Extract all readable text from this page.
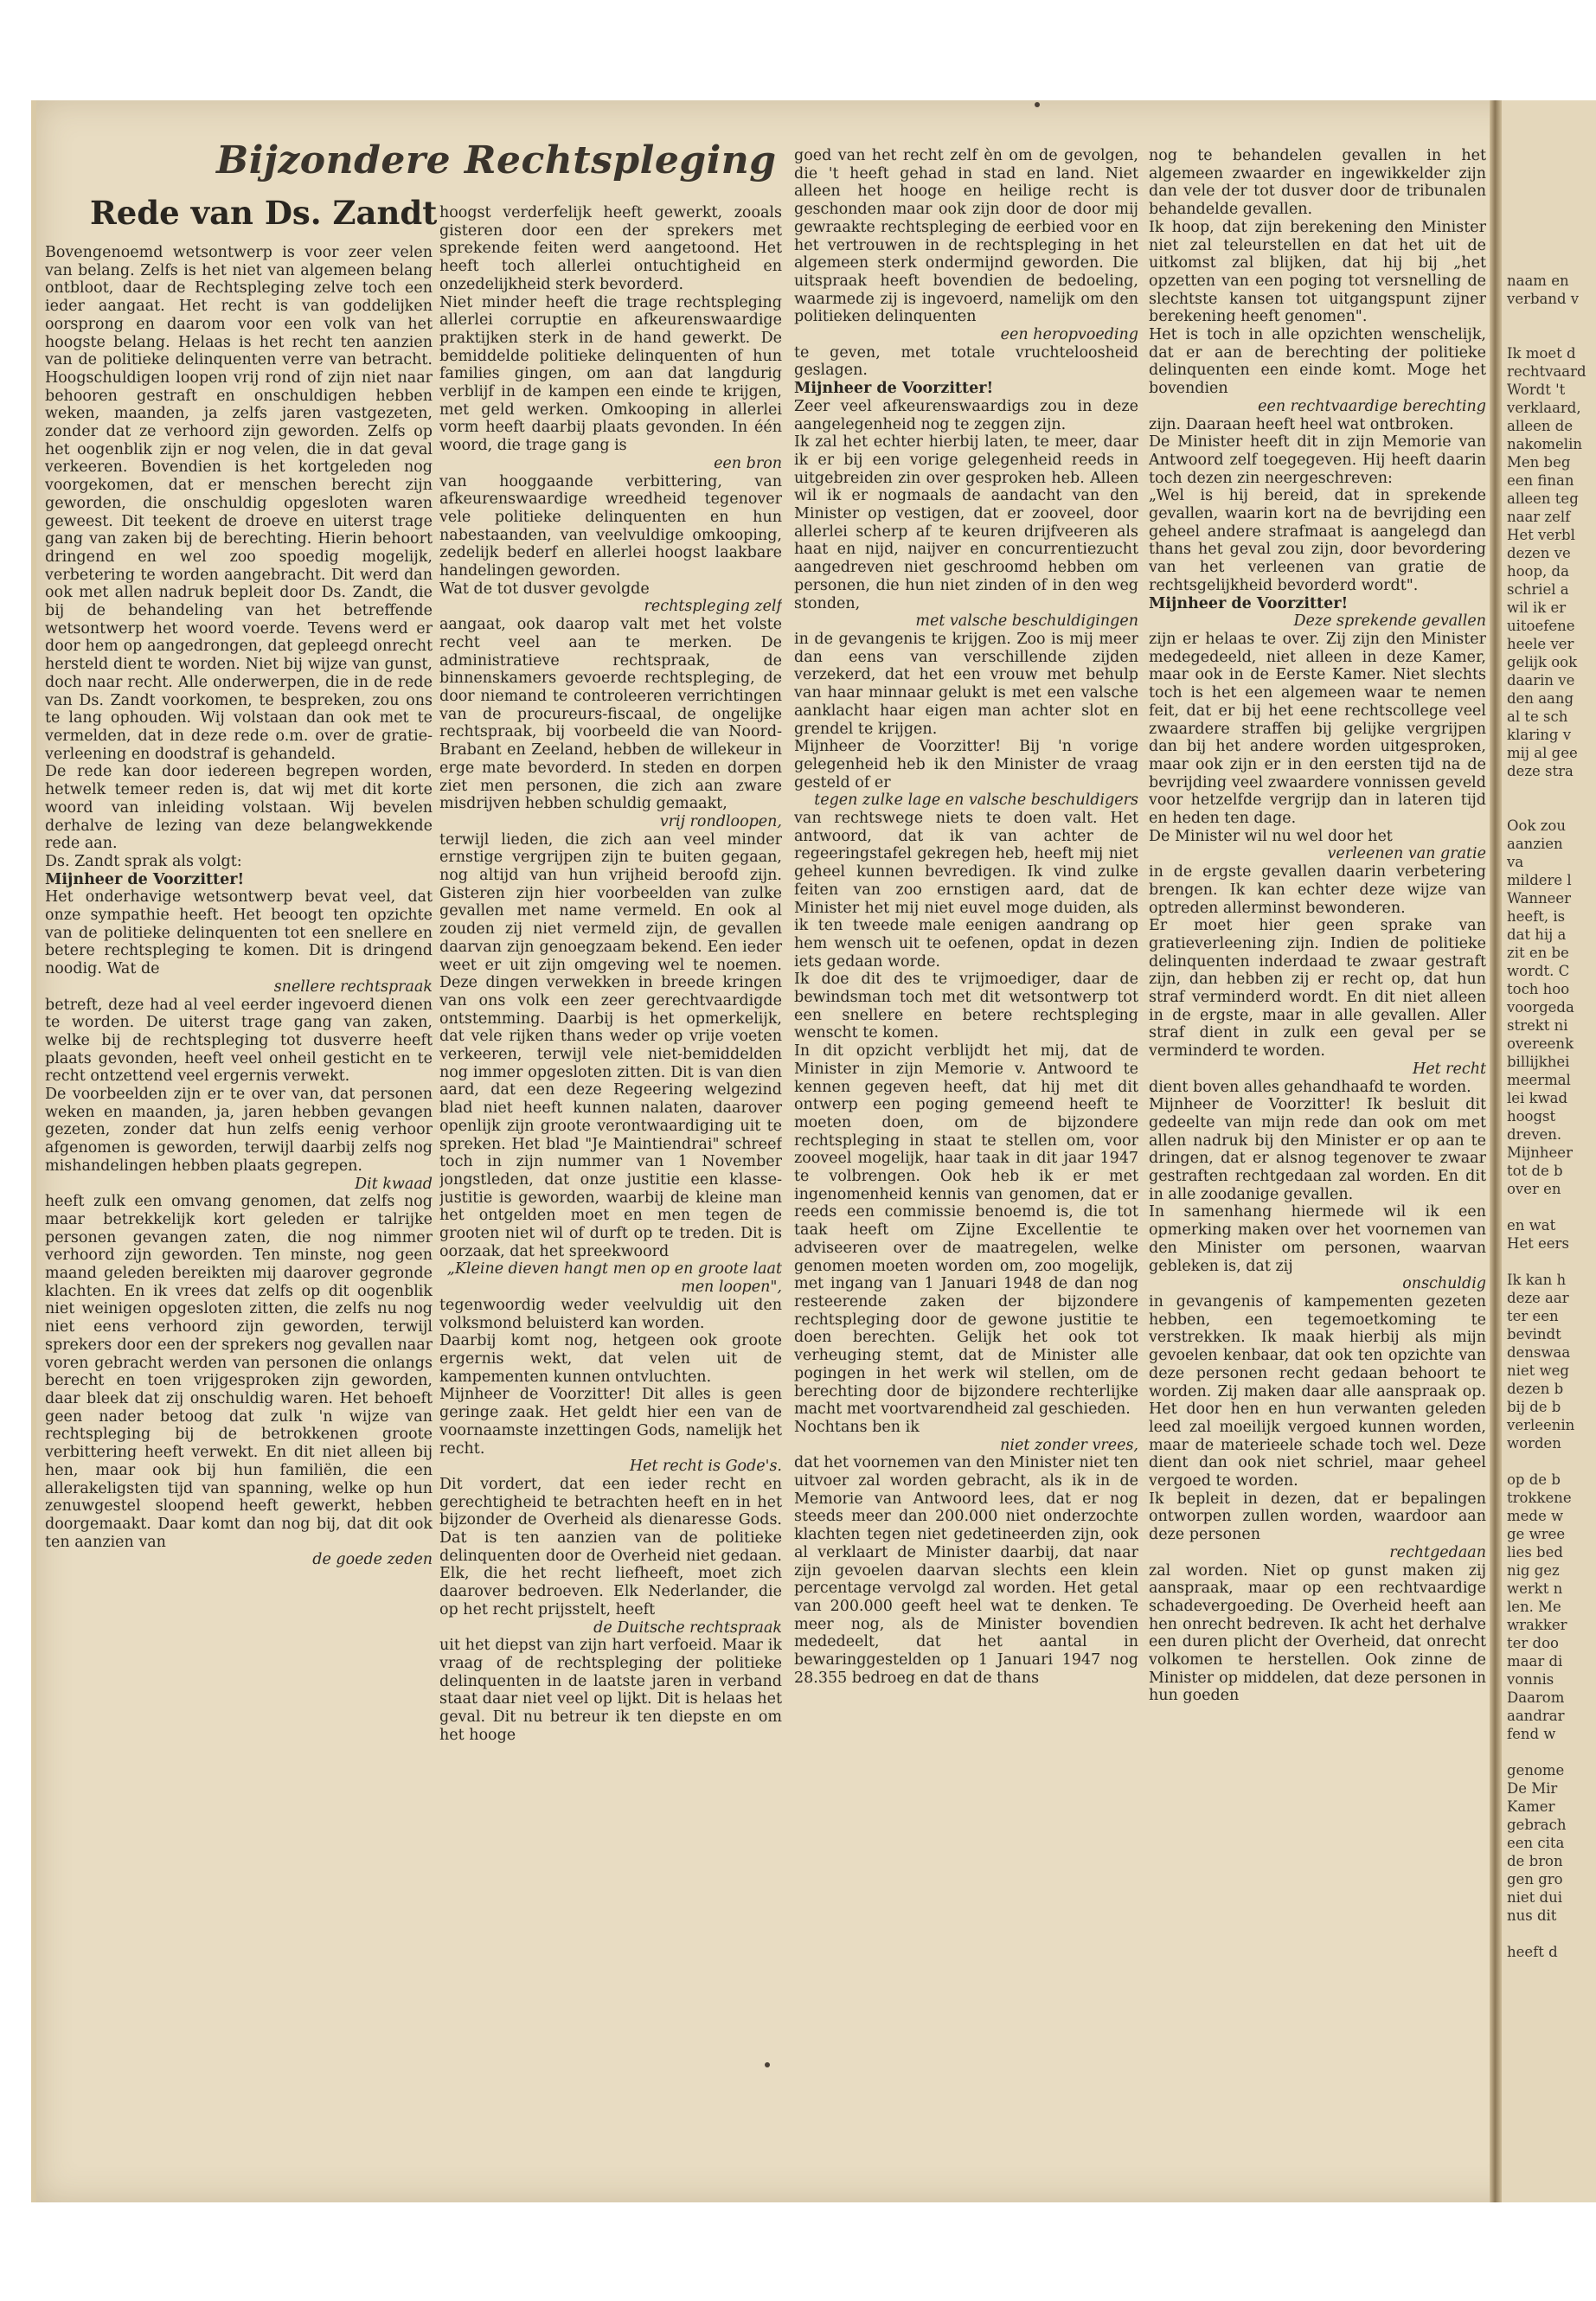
naam en
verband v

Ik moet d
rechtvaard
Wordt 't
verklaard,
alleen de
nakomelin
Men beg
een finan
alleen teg
naar zelf
Het verbl
dezen ve
hoop, da
schriel a
wil ik er
uitoefene
heele ver
gelijk ook
daarin ve
den aang
al te sch
klaring v
mij al gee
deze stra

Ook zou
aanzien
va
mildere l
Wanneer
heeft, is
dat hij a
zit en be
wordt. C
toch hoo
voorgeda
strekt ni
overeenk
billijkhei
meermal
lei kwad
hoogst
dreven.
Mijnheer
tot de b
over en

en wat
Het eers

Ik kan h
deze aar
ter een
bevindt
denswaa
niet weg
dezen b
bij de b
verleenin
worden

op de b
trokkene
mede w
ge wree
lies bed
nig gez
werkt n
len. Me
wrakker
ter doo
maar di
vonnis
Daarom
aandrar
fend w

genome
De Mir
Kamer
gebrach
een cita
de bron
gen gro
niet dui
nus dit

heeft d
Bijzondere Rechtspleging
Rede van Ds. Zandt

Bovengenoemd wetsontwerp is voor zeer velen van belang. Zelfs is het niet van algemeen belang ontbloot, daar de Rechtspleging zelve toch een ieder aangaat. Het recht is van goddelijken oorsprong en daarom voor een volk van het hoogste belang. Helaas is het recht ten aanzien van de politieke delinquenten verre van betracht. Hoogschuldigen loopen vrij rond of zijn niet naar behooren gestraft en onschuldigen hebben weken, maanden, ja zelfs jaren vastgezeten, zonder dat ze verhoord zijn geworden. Zelfs op het oogenblik zijn er nog velen, die in dat geval verkeeren. Bovendien is het kortgeleden nog voorgekomen, dat er menschen berecht zijn geworden, die onschuldig opgesloten waren geweest. Dit teekent de droeve en uiterst trage gang van zaken bij de berechting. Hierin behoort dringend en wel zoo spoedig mogelijk, verbetering te worden aangebracht. Dit werd dan ook met allen nadruk bepleit door Ds. Zandt, die bij de behandeling van het betreffende wetsontwerp het woord voerde. Tevens werd er door hem op aangedrongen, dat gepleegd onrecht hersteld dient te worden. Niet bij wijze van gunst, doch naar recht. Alle onderwerpen, die in de rede van Ds. Zandt voorkomen, te bespreken, zou ons te lang ophouden. Wij volstaan dan ook met te vermelden, dat in deze rede o.m. over de gratie-verleening en doodstraf is gehandeld.

De rede kan door iedereen begrepen worden, hetwelk temeer reden is, dat wij met dit korte woord van inleiding volstaan. Wij bevelen derhalve de lezing van deze belangwekkende rede aan.

Ds. Zandt sprak als volgt:

Mijnheer de Voorzitter!

Het onderhavige wetsontwerp bevat veel, dat onze sympathie heeft. Het beoogt ten opzichte van de politieke delinquenten tot een snellere en betere rechtspleging te komen. Dit is dringend noodig. Wat de

snellere rechtspraak

betreft, deze had al veel eerder ingevoerd dienen te worden. De uiterst trage gang van zaken, welke bij de rechtspleging tot dusverre heeft plaats gevonden, heeft veel onheil gesticht en te recht ontzettend veel ergernis verwekt.

De voorbeelden zijn er te over van, dat personen weken en maanden, ja, jaren hebben gevangen gezeten, zonder dat hun zelfs eenig verhoor afgenomen is geworden, terwijl daarbij zelfs nog mishandelingen hebben plaats gegrepen.

Dit kwaad

heeft zulk een omvang genomen, dat zelfs nog maar betrekkelijk kort geleden er talrijke personen gevangen zaten, die nog nimmer verhoord zijn geworden. Ten minste, nog geen maand geleden bereikten mij daarover gegronde klachten. En ik vrees dat zelfs op dit oogenblik niet weinigen opgesloten zitten, die zelfs nu nog niet eens verhoord zijn geworden, terwijl sprekers door een der sprekers nog gevallen naar voren gebracht werden van personen die onlangs berecht en toen vrijgesproken zijn geworden, daar bleek dat zij onschuldig waren. Het behoeft geen nader betoog dat zulk 'n wijze van rechtspleging bij de betrokkenen groote verbittering heeft verwekt. En dit niet alleen bij hen, maar ook bij hun familiën, die een allerakeligsten tijd van spanning, welke op hun zenuwgestel sloopend heeft gewerkt, hebben doorgemaakt. Daar komt dan nog bij, dat dit ook ten aanzien van

de goede zeden

hoogst verderfelijk heeft gewerkt, zooals gisteren door een der sprekers met sprekende feiten werd aangetoond. Het heeft toch allerlei ontuchtigheid en onzedelijkheid sterk bevorderd.

Niet minder heeft die trage rechtspleging allerlei corruptie en afkeurenswaardige praktijken sterk in de hand gewerkt. De bemiddelde politieke delinquenten of hun families gingen, om aan dat langdurig verblijf in de kampen een einde te krijgen, met geld werken. Omkooping in allerlei vorm heeft daarbij plaats gevonden. In één woord, die trage gang is

een bron

van hooggaande verbittering, van afkeurenswaardige wreedheid tegenover vele politieke delinquenten en hun nabestaanden, van veelvuldige omkooping, zedelijk bederf en allerlei hoogst laakbare handelingen geworden.

Wat de tot dusver gevolgde

rechtspleging zelf

aangaat, ook daarop valt met het volste recht veel aan te merken. De administratieve rechtspraak, de binnenskamers gevoerde rechtspleging, de door niemand te controleeren verrichtingen van de procureurs-fiscaal, de ongelijke rechtspraak, bij voorbeeld die van Noord-Brabant en Zeeland, hebben de willekeur in erge mate bevorderd. In steden en dorpen ziet men personen, die zich aan zware misdrijven hebben schuldig gemaakt,

vrij rondloopen,

terwijl lieden, die zich aan veel minder ernstige vergrijpen zijn te buiten gegaan, nog altijd van hun vrijheid beroofd zijn. Gisteren zijn hier voorbeelden van zulke gevallen met name vermeld. En ook al zouden zij niet vermeld zijn, de gevallen daarvan zijn genoegzaam bekend. Een ieder weet er uit zijn omgeving wel te noemen. Deze dingen verwekken in breede kringen van ons volk een zeer gerechtvaardigde ontstemming. Daarbij is het opmerkelijk, dat vele rijken thans weder op vrije voeten verkeeren, terwijl vele niet-bemiddelden nog immer opgesloten zitten. Dit is van dien aard, dat een deze Regeering welgezind blad niet heeft kunnen nalaten, daarover openlijk zijn groote verontwaardiging uit te spreken. Het blad "Je Maintiendrai" schreef toch in zijn nummer van 1 November jongstleden, dat onze justitie een klasse-justitie is geworden, waarbij de kleine man het ontgelden moet en men tegen de grooten niet wil of durft op te treden. Dit is oorzaak, dat het spreekwoord

„Kleine dieven hangt men op en groote laat men loopen",

tegenwoordig weder veelvuldig uit den volksmond beluisterd kan worden.

Daarbij komt nog, hetgeen ook groote ergernis wekt, dat velen uit de kampementen kunnen ontvluchten.

Mijnheer de Voorzitter! Dit alles is geen geringe zaak. Het geldt hier een van de voornaamste inzettingen Gods, namelijk het recht.

Het recht is Gode's.

Dit vordert, dat een ieder recht en gerechtigheid te betrachten heeft en in het bijzonder de Overheid als dienaresse Gods. Dat is ten aanzien van de politieke delinquenten door de Overheid niet gedaan. Elk, die het recht liefheeft, moet zich daarover bedroeven. Elk Nederlander, die op het recht prijsstelt, heeft

de Duitsche rechtspraak

uit het diepst van zijn hart verfoeid. Maar ik vraag of de rechtspleging der politieke delinquenten in de laatste jaren in verband staat daar niet veel op lijkt. Dit is helaas het geval. Dit nu betreur ik ten diepste en om het hooge

goed van het recht zelf èn om de gevolgen, die 't heeft gehad in stad en land. Niet alleen het hooge en heilige recht is geschonden maar ook zijn door de door mij gewraakte rechtspleging de eerbied voor en het vertrouwen in de rechtspleging in het algemeen sterk ondermijnd geworden. Die uitspraak heeft bovendien de bedoeling, waarmede zij is ingevoerd, namelijk om den politieken delinquenten

een heropvoeding

te geven, met totale vruchteloosheid geslagen.

Mijnheer de Voorzitter!

Zeer veel afkeurenswaardigs zou in deze aangelegenheid nog te zeggen zijn.

Ik zal het echter hierbij laten, te meer, daar ik er bij een vorige gelegenheid reeds in uitgebreiden zin over gesproken heb. Alleen wil ik er nogmaals de aandacht van den Minister op vestigen, dat er zooveel, door allerlei scherp af te keuren drijfveeren als haat en nijd, naijver en concurrentiezucht aangedreven niet geschroomd hebben om personen, die hun niet zinden of in den weg stonden,

met valsche beschuldigingen

in de gevangenis te krijgen. Zoo is mij meer dan eens van verschillende zijden verzekerd, dat het een vrouw met behulp van haar minnaar gelukt is met een valsche aanklacht haar eigen man achter slot en grendel te krijgen.

Mijnheer de Voorzitter! Bij 'n vorige gelegenheid heb ik den Minister de vraag gesteld of er

tegen zulke lage en valsche beschuldigers

van rechtswege niets te doen valt. Het antwoord, dat ik van achter de regeeringstafel gekregen heb, heeft mij niet geheel kunnen bevredigen. Ik vind zulke feiten van zoo ernstigen aard, dat de Minister het mij niet euvel moge duiden, als ik ten tweede male eenigen aandrang op hem wensch uit te oefenen, opdat in dezen iets gedaan worde.

Ik doe dit des te vrijmoediger, daar de bewindsman toch met dit wetsontwerp tot een snellere en betere rechtspleging wenscht te komen.

In dit opzicht verblijdt het mij, dat de Minister in zijn Memorie v. Antwoord te kennen gegeven heeft, dat hij met dit ontwerp een poging gemeend heeft te moeten doen, om de bijzondere rechtspleging in staat te stellen om, voor zooveel mogelijk, haar taak in dit jaar 1947 te volbrengen. Ook heb ik er met ingenomenheid kennis van genomen, dat er reeds een commissie benoemd is, die tot taak heeft om Zijne Excellentie te adviseeren over de maatregelen, welke genomen moeten worden om, zoo mogelijk, met ingang van 1 Januari 1948 de dan nog resteerende zaken der bijzondere rechtspleging door de gewone justitie te doen berechten. Gelijk het ook tot verheuging stemt, dat de Minister alle pogingen in het werk wil stellen, om de berechting door de bijzondere rechterlijke macht met voortvarendheid zal geschieden.

Nochtans ben ik

niet zonder vrees,

dat het voornemen van den Minister niet ten uitvoer zal worden gebracht, als ik in de Memorie van Antwoord lees, dat er nog steeds meer dan 200.000 niet onderzochte klachten tegen niet gedetineerden zijn, ook al verklaart de Minister daarbij, dat naar zijn gevoelen daarvan slechts een klein percentage vervolgd zal worden. Het getal van 200.000 geeft heel wat te denken. Te meer nog, als de Minister bovendien mededeelt, dat het aantal in bewaringgestelden op 1 Januari 1947 nog 28.355 bedroeg en dat de thans

nog te behandelen gevallen in het algemeen zwaarder en ingewikkelder zijn dan vele der tot dusver door de tribunalen behandelde gevallen.

Ik hoop, dat zijn berekening den Minister niet zal teleurstellen en dat het uit de uitkomst zal blijken, dat hij bij „het opzetten van een poging tot versnelling de slechtste kansen tot uitgangspunt zijner berekening heeft genomen".

Het is toch in alle opzichten wenschelijk, dat er aan de berechting der politieke delinquenten een einde komt. Moge het bovendien

een rechtvaardige berechting

zijn. Daaraan heeft heel wat ontbroken.

De Minister heeft dit in zijn Memorie van Antwoord zelf toegegeven. Hij heeft daarin toch dezen zin neergeschreven:

„Wel is hij bereid, dat in sprekende gevallen, waarin kort na de bevrijding een geheel andere strafmaat is aangelegd dan thans het geval zou zijn, door bevordering van het verleenen van gratie de rechtsgelijkheid bevorderd wordt".

Mijnheer de Voorzitter!

Deze sprekende gevallen

zijn er helaas te over. Zij zijn den Minister medegedeeld, niet alleen in deze Kamer, maar ook in de Eerste Kamer. Niet slechts toch is het een algemeen waar te nemen feit, dat er bij het eene rechtscollege veel zwaardere straffen bij gelijke vergrijpen dan bij het andere worden uitgesproken, maar ook zijn er in den eersten tijd na de bevrijding veel zwaardere vonnissen geveld voor hetzelfde vergrijp dan in lateren tijd en heden ten dage.

De Minister wil nu wel door het

verleenen van gratie

in de ergste gevallen daarin verbetering brengen. Ik kan echter deze wijze van optreden allerminst bewonderen.

Er moet hier geen sprake van gratieverleening zijn. Indien de politieke delinquenten inderdaad te zwaar gestraft zijn, dan hebben zij er recht op, dat hun straf verminderd wordt. En dit niet alleen in de ergste, maar in alle gevallen. Aller straf dient in zulk een geval per se verminderd te worden.

Het recht

dient boven alles gehandhaafd te worden.

Mijnheer de Voorzitter! Ik besluit dit gedeelte van mijn rede dan ook om met allen nadruk bij den Minister er op aan te dringen, dat er alsnog tegenover te zwaar gestraften rechtgedaan zal worden. En dit in alle zoodanige gevallen.

In samenhang hiermede wil ik een opmerking maken over het voornemen van den Minister om personen, waarvan gebleken is, dat zij

onschuldig

in gevangenis of kampementen gezeten hebben, een tegemoetkoming te verstrekken. Ik maak hierbij als mijn gevoelen kenbaar, dat ook ten opzichte van deze personen recht gedaan behoort te worden. Zij maken daar alle aanspraak op. Het door hen en hun verwanten geleden leed zal moeilijk vergoed kunnen worden, maar de materieele schade toch wel. Deze dient dan ook niet schriel, maar geheel vergoed te worden.

Ik bepleit in dezen, dat er bepalingen ontworpen zullen worden, waardoor aan deze personen

rechtgedaan

zal worden. Niet op gunst maken zij aanspraak, maar op een rechtvaardige schadevergoeding. De Overheid heeft aan hen onrecht bedreven. Ik acht het derhalve een duren plicht der Overheid, dat onrecht volkomen te herstellen. Ook zinne de Minister op middelen, dat deze personen in hun goeden
